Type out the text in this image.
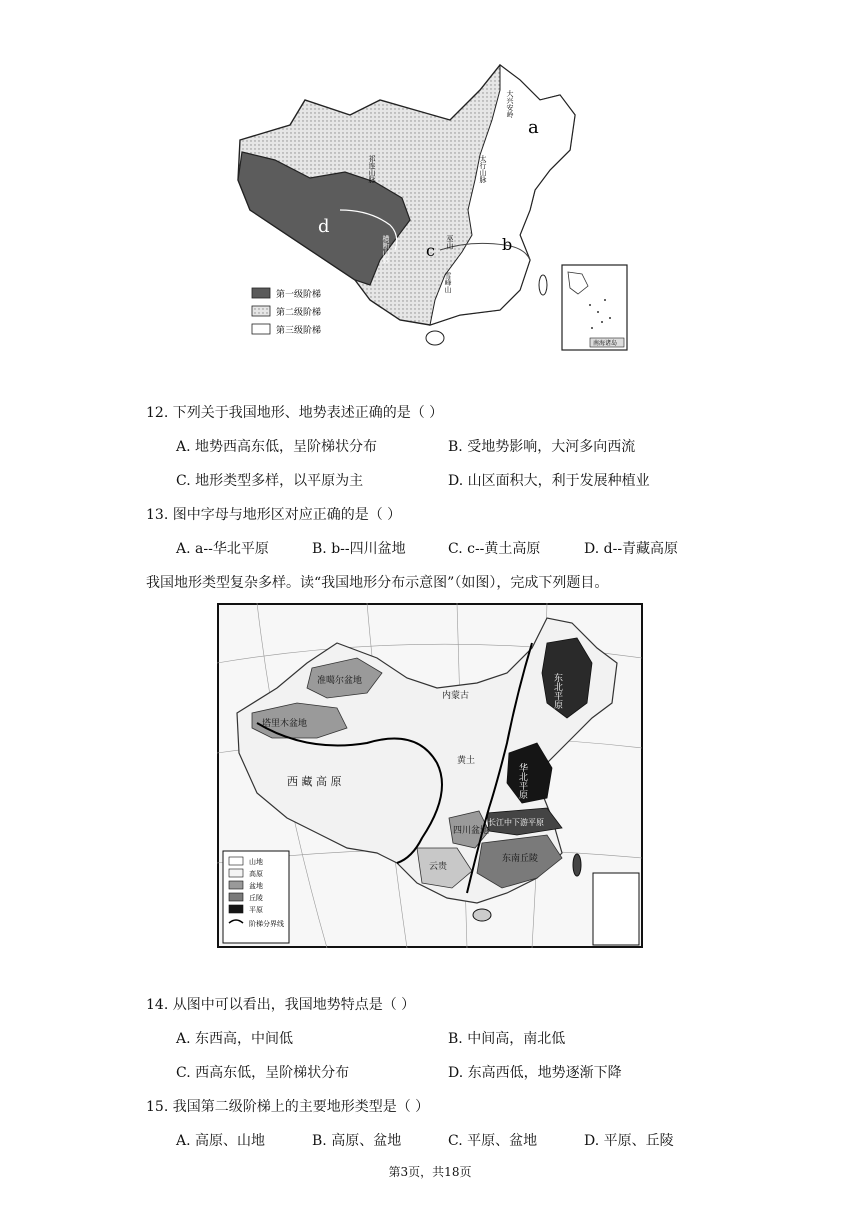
a
b
c
d
大兴安岭
太行山脉
祁连山脉
横断山脉	巫山
雪峰山
第一级阶梯
第二级阶梯
第三级阶梯
南海诸岛
12. 下列关于我国地形、地势表述正确的是（ ）
A. 地势西高东低，呈阶梯状分布	B. 受地势影响，大河多向西流
C. 地形类型多样，以平原为主	D. 山区面积大，利于发展种植业
13. 图中字母与地形区对应正确的是（ ）
A. a--华北平原	B. b--四川盆地	C. c--黄土高原	D. d--青藏高原
我国地形类型复杂多样。读“我国地形分布示意图”（如图），完成下列题目。
准噶尔盆地
塔里木盆地
西 藏 高 原
内蒙古
黄土
四川盆地
东北平原
华北平原
长江中下游平原
东南丘陵
云贵
山地
高原
盆地
丘陵
平原
阶梯分界线
14. 从图中可以看出，我国地势特点是（ ）
A. 东西高，中间低	B. 中间高，南北低
C. 西高东低，呈阶梯状分布	D. 东高西低，地势逐渐下降
15. 我国第二级阶梯上的主要地形类型是（ ）
A. 高原、山地	B. 高原、盆地	C. 平原、盆地	D. 平原、丘陵
第3页，共18页
